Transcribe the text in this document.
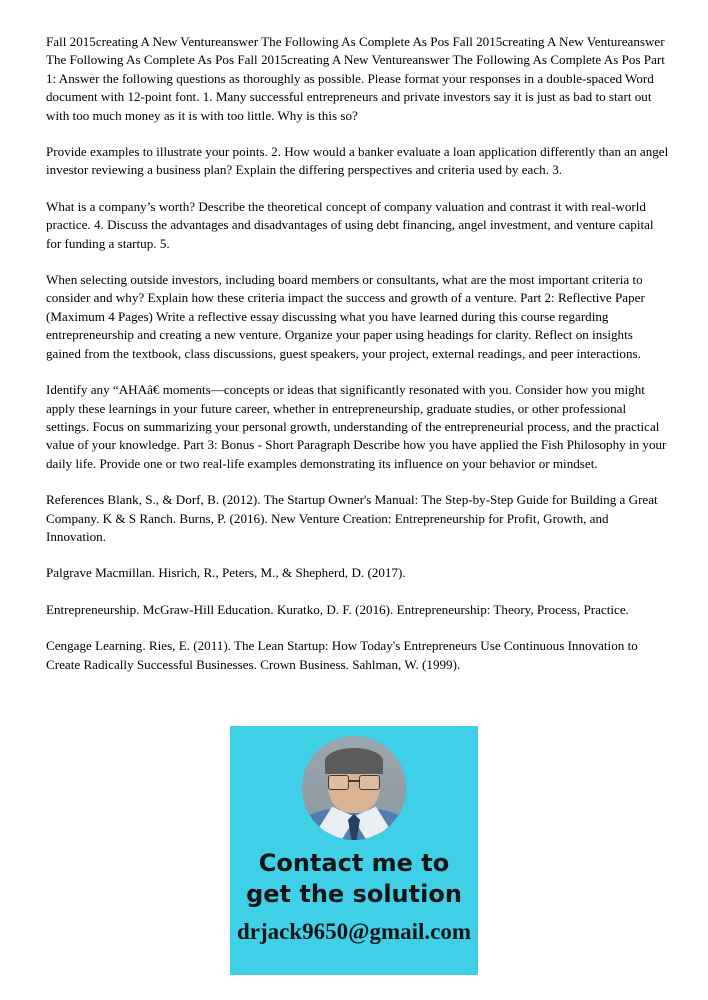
Fall 2015creating A New Ventureanswer The Following As Complete As Pos Fall 2015creating A New Ventureanswer The Following As Complete As Pos Fall 2015creating A New Ventureanswer The Following As Complete As Pos Part 1: Answer the following questions as thoroughly as possible. Please format your responses in a double-spaced Word document with 12-point font. 1. Many successful entrepreneurs and private investors say it is just as bad to start out with too much money as it is with too little. Why is this so?

Provide examples to illustrate your points. 2. How would a banker evaluate a loan application differently than an angel investor reviewing a business plan? Explain the differing perspectives and criteria used by each. 3.

What is a company’s worth? Describe the theoretical concept of company valuation and contrast it with real-world practice. 4. Discuss the advantages and disadvantages of using debt financing, angel investment, and venture capital for funding a startup. 5.

When selecting outside investors, including board members or consultants, what are the most important criteria to consider and why? Explain how these criteria impact the success and growth of a venture. Part 2: Reflective Paper (Maximum 4 Pages) Write a reflective essay discussing what you have learned during this course regarding entrepreneurship and creating a new venture. Organize your paper using headings for clarity. Reflect on insights gained from the textbook, class discussions, guest speakers, your project, external readings, and peer interactions.

Identify any “AHAâ€ moments—concepts or ideas that significantly resonated with you. Consider how you might apply these learnings in your future career, whether in entrepreneurship, graduate studies, or other professional settings. Focus on summarizing your personal growth, understanding of the entrepreneurial process, and the practical value of your knowledge. Part 3: Bonus - Short Paragraph Describe how you have applied the Fish Philosophy in your daily life. Provide one or two real-life examples demonstrating its influence on your behavior or mindset.

References Blank, S., & Dorf, B. (2012). The Startup Owner's Manual: The Step-by-Step Guide for Building a Great Company. K & S Ranch. Burns, P. (2016). New Venture Creation: Entrepreneurship for Profit, Growth, and Innovation.

Palgrave Macmillan. Hisrich, R., Peters, M., & Shepherd, D. (2017).

Entrepreneurship. McGraw-Hill Education. Kuratko, D. F. (2016). Entrepreneurship: Theory, Process, Practice.

Cengage Learning. Ries, E. (2011). The Lean Startup: How Today's Entrepreneurs Use Continuous Innovation to Create Radically Successful Businesses. Crown Business. Sahlman, W. (1999).

Contact me to
get the solution
drjack9650@gmail.com
